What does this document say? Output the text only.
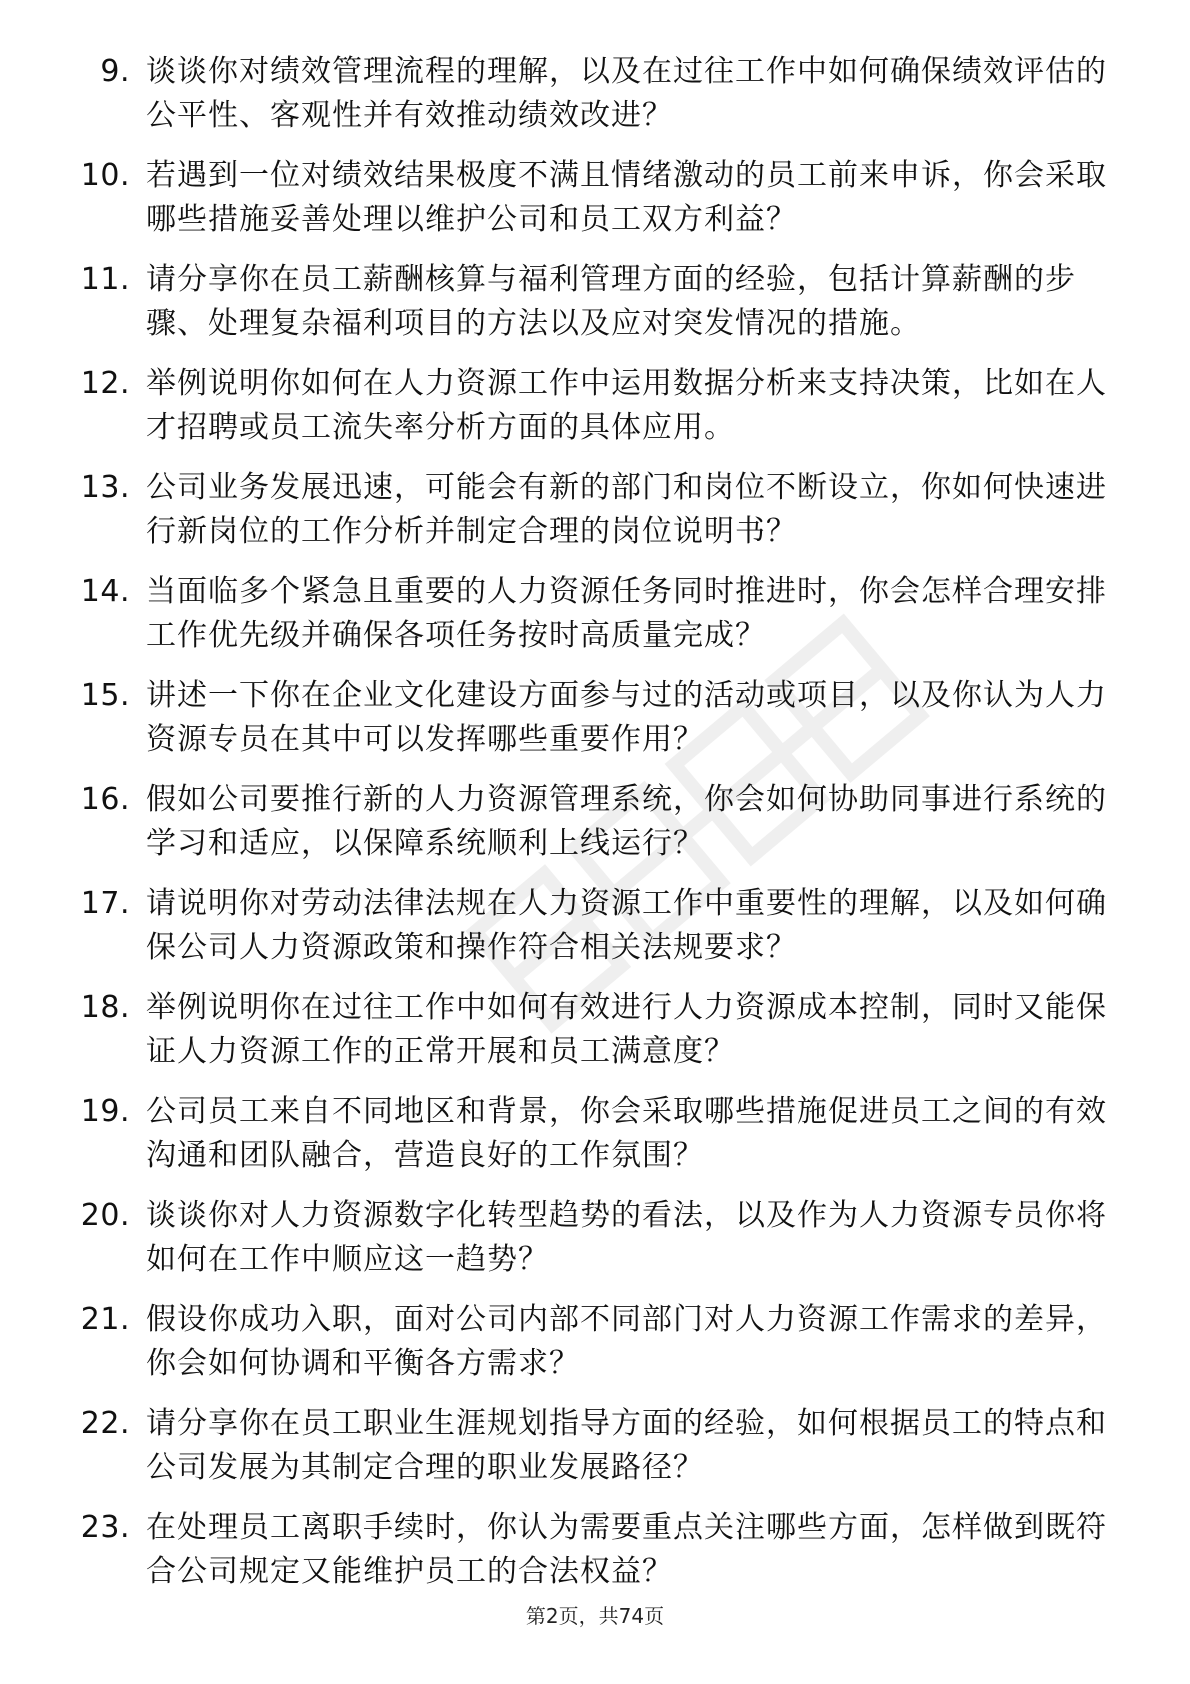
9. 谈谈你对绩效管理流程的理解，以及在过往工作中如何确保绩效评估的公平性、客观性并有效推动绩效改进？
10. 若遇到一位对绩效结果极度不满且情绪激动的员工前来申诉，你会采取哪些措施妥善处理以维护公司和员工双方利益？
11. 请分享你在员工薪酬核算与福利管理方面的经验，包括计算薪酬的步骤、处理复杂福利项目的方法以及应对突发情况的措施。
12. 举例说明你如何在人力资源工作中运用数据分析来支持决策，比如在人才招聘或员工流失率分析方面的具体应用。
13. 公司业务发展迅速，可能会有新的部门和岗位不断设立，你如何快速进行新岗位的工作分析并制定合理的岗位说明书？
14. 当面临多个紧急且重要的人力资源任务同时推进时，你会怎样合理安排工作优先级并确保各项任务按时高质量完成？
15. 讲述一下你在企业文化建设方面参与过的活动或项目，以及你认为人力资源专员在其中可以发挥哪些重要作用？
16. 假如公司要推行新的人力资源管理系统，你会如何协助同事进行系统的学习和适应，以保障系统顺利上线运行？
17. 请说明你对劳动法律法规在人力资源工作中重要性的理解，以及如何确保公司人力资源政策和操作符合相关法规要求？
18. 举例说明你在过往工作中如何有效进行人力资源成本控制，同时又能保证人力资源工作的正常开展和员工满意度？
19. 公司员工来自不同地区和背景，你会采取哪些措施促进员工之间的有效沟通和团队融合，营造良好的工作氛围？
20. 谈谈你对人力资源数字化转型趋势的看法，以及作为人力资源专员你将如何在工作中顺应这一趋势？
21. 假设你成功入职，面对公司内部不同部门对人力资源工作需求的差异，你会如何协调和平衡各方需求？
22. 请分享你在员工职业生涯规划指导方面的经验，如何根据员工的特点和公司发展为其制定合理的职业发展路径？
23. 在处理员工离职手续时，你认为需要重点关注哪些方面，怎样做到既符合公司规定又能维护员工的合法权益？
第2页，共74页
